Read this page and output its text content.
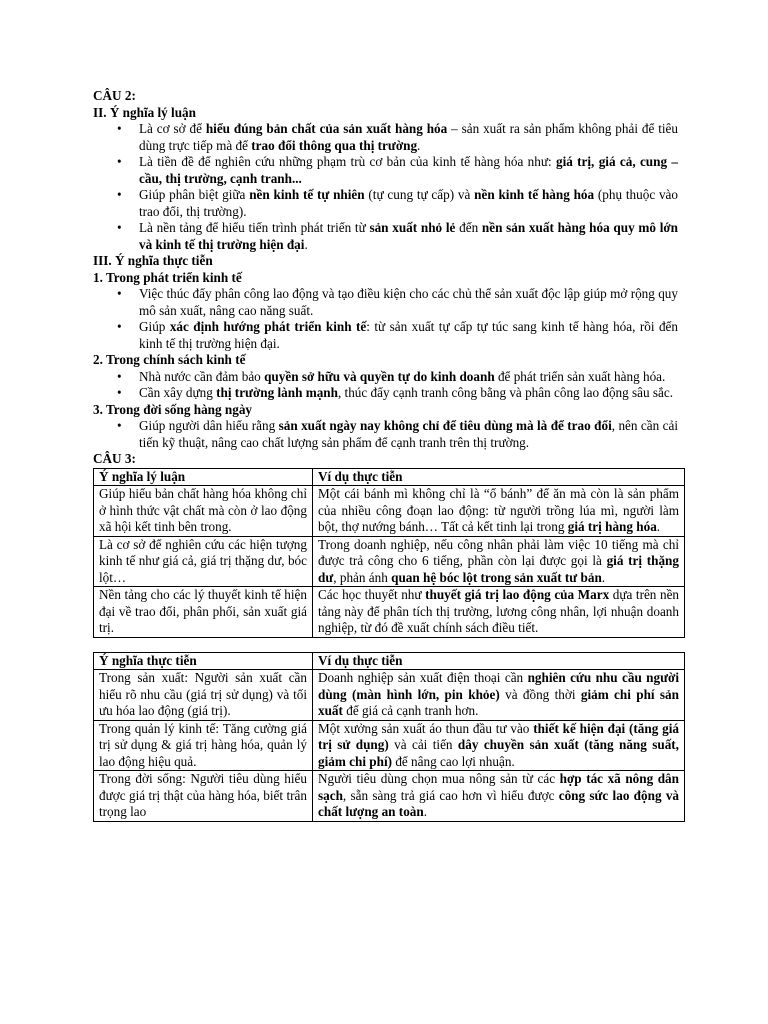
CÂU 2:
II. Ý nghĩa lý luận
• Là cơ sở để hiểu đúng bản chất của sản xuất hàng hóa – sản xuất ra sản phẩm không phải để tiêu dùng trực tiếp mà để trao đổi thông qua thị trường.
• Là tiền đề để nghiên cứu những phạm trù cơ bản của kinh tế hàng hóa như: giá trị, giá cả, cung – cầu, thị trường, cạnh tranh...
• Giúp phân biệt giữa nền kinh tế tự nhiên (tự cung tự cấp) và nền kinh tế hàng hóa (phụ thuộc vào trao đổi, thị trường).
• Là nền tảng để hiểu tiến trình phát triển từ sản xuất nhỏ lẻ đến nền sản xuất hàng hóa quy mô lớn và kinh tế thị trường hiện đại.
III. Ý nghĩa thực tiễn
1. Trong phát triển kinh tế
• Việc thúc đẩy phân công lao động và tạo điều kiện cho các chủ thể sản xuất độc lập giúp mở rộng quy mô sản xuất, nâng cao năng suất.
• Giúp xác định hướng phát triển kinh tế: từ sản xuất tự cấp tự túc sang kinh tế hàng hóa, rồi đến kinh tế thị trường hiện đại.
2. Trong chính sách kinh tế
• Nhà nước cần đảm bảo quyền sở hữu và quyền tự do kinh doanh để phát triển sản xuất hàng hóa.
• Cần xây dựng thị trường lành mạnh, thúc đẩy cạnh tranh công bằng và phân công lao động sâu sắc.
3. Trong đời sống hàng ngày
• Giúp người dân hiểu rằng sản xuất ngày nay không chỉ để tiêu dùng mà là để trao đổi, nên cần cải tiến kỹ thuật, nâng cao chất lượng sản phẩm để cạnh tranh trên thị trường.
CÂU 3:
Ý nghĩa lý luận	Ví dụ thực tiễn
Giúp hiểu bản chất hàng hóa không chỉ ở hình thức vật chất mà còn ở lao động xã hội kết tinh bên trong.	Một cái bánh mì không chỉ là “ổ bánh” để ăn mà còn là sản phẩm của nhiều công đoạn lao động: từ người trồng lúa mì, người làm bột, thợ nướng bánh… Tất cả kết tinh lại trong giá trị hàng hóa.
Là cơ sở để nghiên cứu các hiện tượng kinh tế như giá cả, giá trị thặng dư, bóc lột…	Trong doanh nghiệp, nếu công nhân phải làm việc 10 tiếng mà chỉ được trả công cho 6 tiếng, phần còn lại được gọi là giá trị thặng dư, phản ánh quan hệ bóc lột trong sản xuất tư bản.
Nền tảng cho các lý thuyết kinh tế hiện đại về trao đổi, phân phối, sản xuất giá trị.	Các học thuyết như thuyết giá trị lao động của Marx dựa trên nền tảng này để phân tích thị trường, lương công nhân, lợi nhuận doanh nghiệp, từ đó đề xuất chính sách điều tiết.
Ý nghĩa thực tiễn	Ví dụ thực tiễn
Trong sản xuất: Người sản xuất cần hiểu rõ nhu cầu (giá trị sử dụng) và tối ưu hóa lao động (giá trị).	Doanh nghiệp sản xuất điện thoại cần nghiên cứu nhu cầu người dùng (màn hình lớn, pin khỏe) và đồng thời giảm chi phí sản xuất để giá cả cạnh tranh hơn.
Trong quản lý kinh tế: Tăng cường giá trị sử dụng & giá trị hàng hóa, quản lý lao động hiệu quả.	Một xưởng sản xuất áo thun đầu tư vào thiết kế hiện đại (tăng giá trị sử dụng) và cải tiến dây chuyền sản xuất (tăng năng suất, giảm chi phí) để nâng cao lợi nhuận.
Trong đời sống: Người tiêu dùng hiểu được giá trị thật của hàng hóa, biết trân trọng lao	Người tiêu dùng chọn mua nông sản từ các hợp tác xã nông dân sạch, sẵn sàng trả giá cao hơn vì hiểu được công sức lao động và chất lượng an toàn.
